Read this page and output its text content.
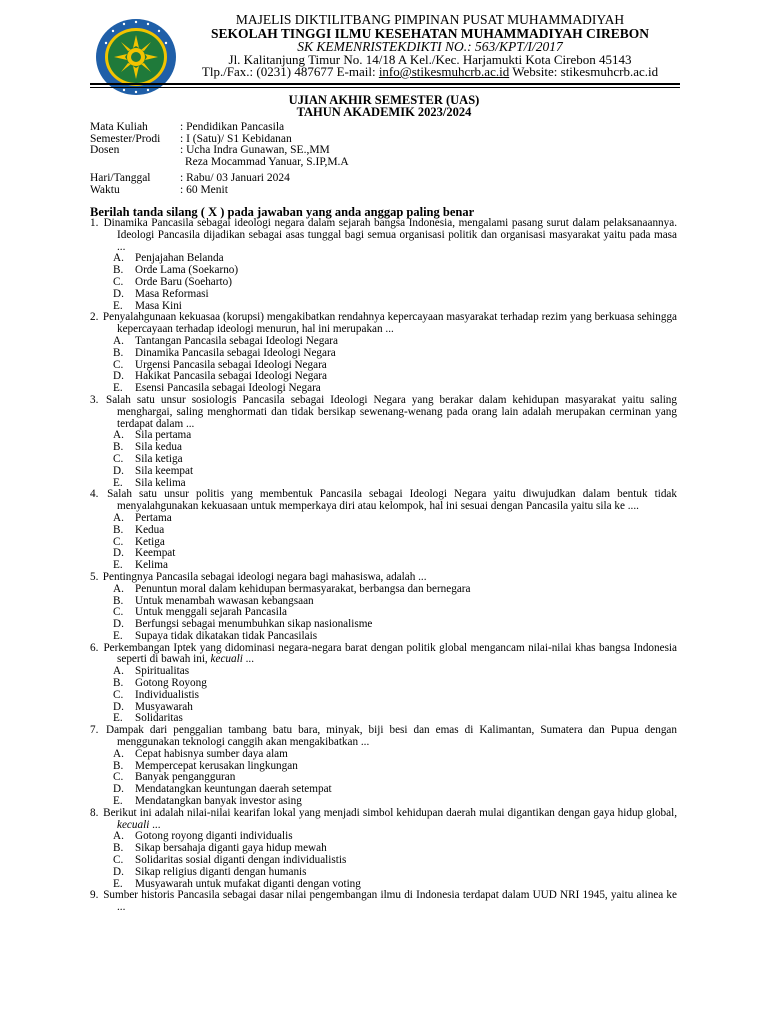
MAJELIS DIKTILITBANG PIMPINAN PUSAT MUHAMMADIYAH
SEKOLAH TINGGI ILMU KESEHATAN MUHAMMADIYAH CIREBON
SK KEMENRISTEKDIKTI NO.: 563/KPT/I/2017
Jl. Kalitanjung Timur No. 14/18 A Kel./Kec. Harjamukti Kota Cirebon 45143
Tlp./Fax.: (0231) 487677 E-mail: info@stikesmuhcrb.ac.id Website: stikesmuhcrb.ac.id
UJIAN AKHIR SEMESTER (UAS)
TAHUN AKADEMIK 2023/2024
Mata Kuliah	: Pendidikan Pancasila
Semester/Prodi	: I (Satu)/ S1 Kebidanan
Dosen	: Ucha Indra Gunawan, SE.,MM
Reza Mocammad Yanuar, S.IP,M.A
Hari/Tanggal	: Rabu/ 03 Januari 2024
Waktu	: 60 Menit
Berilah tanda silang ( X ) pada jawaban yang anda anggap paling benar
1. Dinamika Pancasila sebagai ideologi negara dalam sejarah bangsa Indonesia, mengalami pasang surut dalam pelaksanaannya. Ideologi Pancasila dijadikan sebagai asas tunggal bagi semua organisasi politik dan organisasi masyarakat yaitu pada masa ...
A. Penjajahan Belanda
B.	Orde Lama (Soekarno)
C.	Orde Baru (Soeharto)
D. Masa Reformasi
E.	Masa Kini
2. Penyalahgunaan kekuasaa (korupsi) mengakibatkan rendahnya kepercayaan masyarakat terhadap rezim yang berkuasa sehingga kepercayaan terhadap ideologi menurun, hal ini merupakan ...
A. Tantangan Pancasila sebagai Ideologi Negara
B.	Dinamika Pancasila sebagai Ideologi Negara
C.	Urgensi Pancasila sebagai Ideologi Negara
D. Hakikat Pancasila sebagai Ideologi Negara
E.	Esensi Pancasila sebagai Ideologi Negara
3. Salah satu unsur sosiologis Pancasila sebagai Ideologi Negara yang berakar dalam kehidupan masyarakat yaitu saling menghargai, saling menghormati dan tidak bersikap sewenang-wenang pada orang lain adalah merupakan cerminan yang terdapat dalam ...
A. Sila pertama
B.	Sila kedua
C.	Sila ketiga
D. Sila keempat
E.	Sila kelima
4. Salah satu unsur politis yang membentuk Pancasila sebagai Ideologi Negara yaitu diwujudkan dalam bentuk tidak menyalahgunakan kekuasaan untuk memperkaya diri atau kelompok, hal ini sesuai dengan Pancasila yaitu sila ke ....
A. Pertama
B.	Kedua
C.	Ketiga
D. Keempat
E.	Kelima
5. Pentingnya Pancasila sebagai ideologi negara bagi mahasiswa, adalah ...
A. Penuntun moral dalam kehidupan bermasyarakat, berbangsa dan bernegara
B.	Untuk menambah wawasan kebangsaan
C.	Untuk menggali sejarah Pancasila
D. Berfungsi sebagai menumbuhkan sikap nasionalisme
E.	Supaya tidak dikatakan tidak Pancasilais
6. Perkembangan Iptek yang didominasi negara-negara barat dengan politik global mengancam nilai-nilai khas bangsa Indonesia seperti di bawah ini, kecuali ...
A. Spiritualitas
B.	Gotong Royong
C.	Individualistis
D. Musyawarah
E.	Solidaritas
7. Dampak dari penggalian tambang batu bara, minyak, biji besi dan emas di Kalimantan, Sumatera dan Pupua dengan menggunakan teknologi canggih akan mengakibatkan ...
A. Cepat habisnya sumber daya alam
B.	Mempercepat kerusakan lingkungan
C.	Banyak pengangguran
D. Mendatangkan keuntungan daerah setempat
E.	Mendatangkan banyak investor asing
8. Berikut ini adalah nilai-nilai kearifan lokal yang menjadi simbol kehidupan daerah mulai digantikan dengan gaya hidup global, kecuali ...
A. Gotong royong diganti individualis
B.	Sikap bersahaja diganti gaya hidup mewah
C.	Solidaritas sosial diganti dengan individualistis
D. Sikap religius diganti dengan humanis
E.	Musyawarah untuk mufakat diganti dengan voting
9. Sumber historis Pancasila sebagai dasar nilai pengembangan ilmu di Indonesia terdapat dalam UUD NRI 1945, yaitu alinea ke ...
